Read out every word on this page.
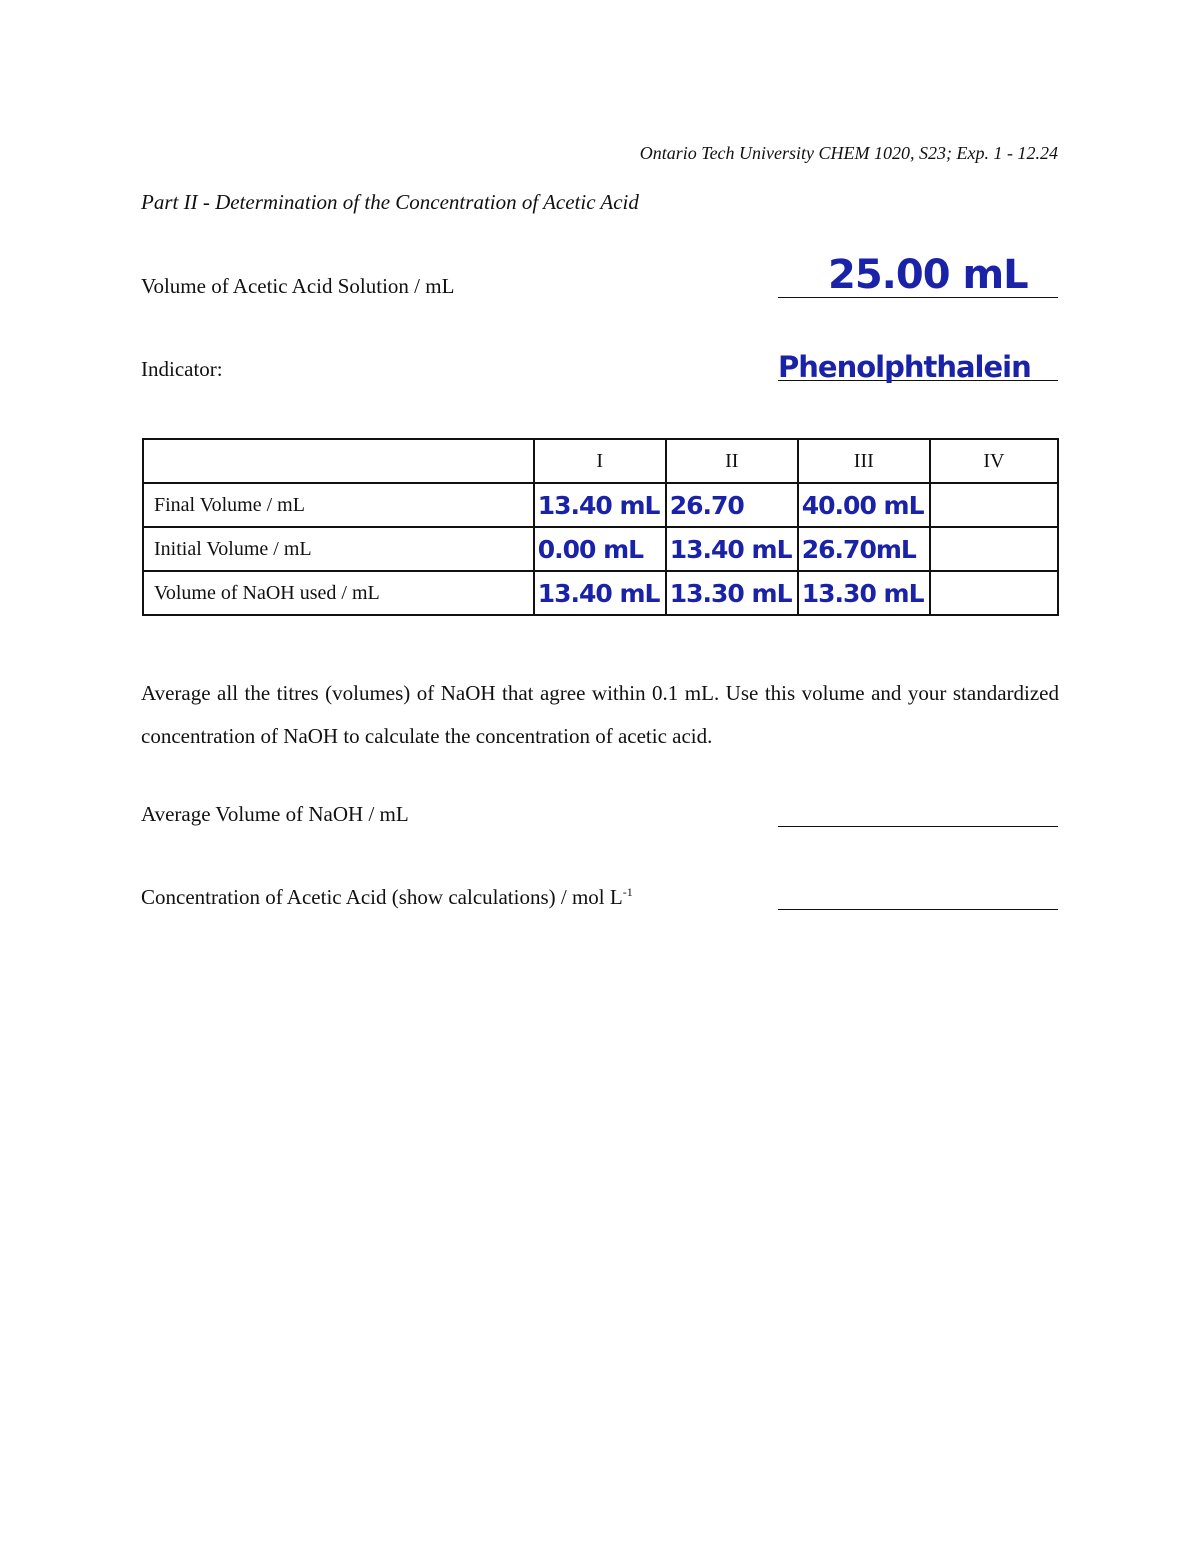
Ontario Tech University CHEM 1020, S23; Exp. 1 - 12.24
Part II - Determination of the Concentration of Acetic Acid
Volume of Acetic Acid Solution / mL	25.00 mL
Indicator:	Phenolphthalein
	I	II	III	IV
Final Volume / mL	13.40 mL	26.70	40.00 mL	
Initial Volume / mL	0.00 mL	13.40 mL	26.70mL	
Volume of NaOH used / mL	13.40 mL	13.30 mL	13.30 mL	
Average all the titres (volumes) of NaOH that agree within 0.1 mL. Use this volume and your standardized concentration of NaOH to calculate the concentration of acetic acid.
Average Volume of NaOH / mL
Concentration of Acetic Acid (show calculations) / mol $L^{-1}$
